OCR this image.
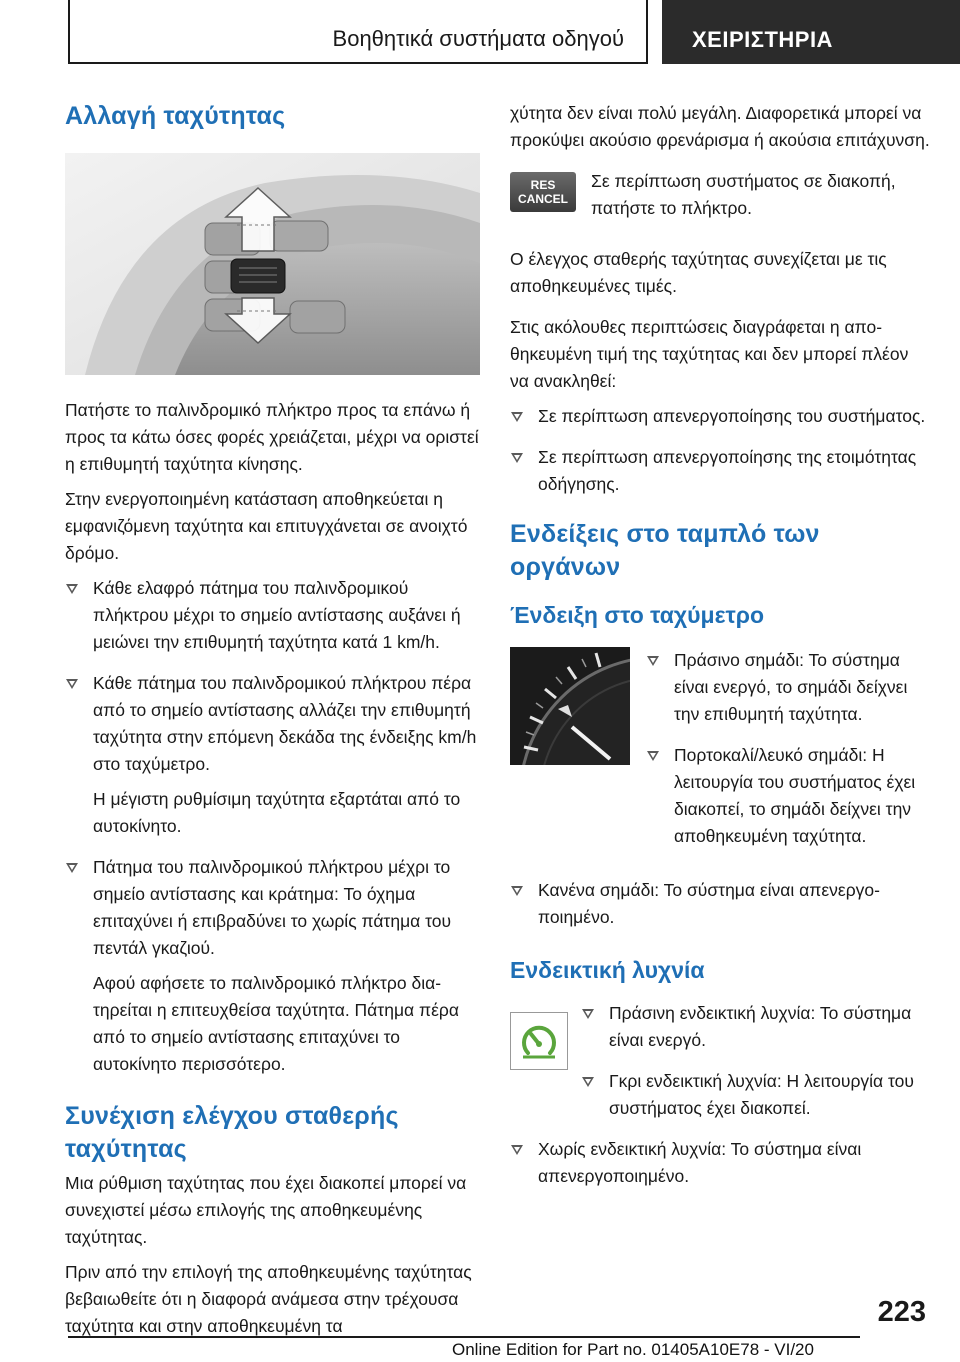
Βοηθητικά συστήματα οδηγού	ΧΕΙΡΙΣΤΗΡΙΑ
Αλλαγή ταχύτητας

Πατήστε το παλινδρομικό πλήκτρο προς τα επάνω ή προς τα κάτω όσες φορές χρειάζεται, μέχρι να οριστεί η επιθυμητή ταχύτητα κίνησης.

Στην ενεργοποιημένη κατάσταση αποθηκεύεται η εμφανιζόμενη ταχύτητα και επιτυγχάνεται σε ανοιχτό δρόμο.

Κάθε ελαφρό πάτημα του παλινδρομικού πλήκτρου μέχρι το σημείο αντίστασης αυξάνει ή μειώνει την επιθυμητή ταχύτητα κατά 1 km/h.
Κάθε πάτημα του παλινδρομικού πλήκτρου πέρα από το σημείο αντίστασης αλλάζει την επιθυμητή ταχύτητα στην επόμενη δεκάδα της ένδειξης km/h στο ταχύμετρο.

Η μέγιστη ρυθμίσιμη ταχύτητα εξαρτάται από το αυτοκίνητο.

Πάτημα του παλινδρομικού πλήκτρου μέχρι το σημείο αντίστασης και κράτημα: Το όχημα επιταχύνει ή επιβραδύνει το χωρίς πάτημα του πεντάλ γκαζιού.

Αφού αφήσετε το παλινδρομικό πλήκτρο διατηρείται η επιτευχθείσα ταχύτητα. Πάτημα πέρα από το σημείο αντίστασης επιταχύνει το αυτοκίνητο περισσότερο.

Συνέχιση ελέγχου σταθερής ταχύτητας

Μια ρύθμιση ταχύτητας που έχει διακοπεί μπορεί να συνεχιστεί μέσω επιλογής της αποθηκευμένης ταχύτητας.

Πριν από την επιλογή της αποθηκευμένης ταχύτητας βεβαιωθείτε ότι η διαφορά ανάμεσα στην τρέχουσα ταχύτητα και στην αποθηκευμένη τα

χύτητα δεν είναι πολύ μεγάλη. Διαφορετικά μπορεί να προκύψει ακούσιο φρενάρισμα ή ακούσια επιτάχυνση.

RES CANCEL

Σε περίπτωση συστήματος σε διακοπή, πατήστε το πλήκτρο.

Ο έλεγχος σταθερής ταχύτητας συνεχίζεται με τις αποθηκευμένες τιμές.

Στις ακόλουθες περιπτώσεις διαγράφεται η αποθηκευμένη τιμή της ταχύτητας και δεν μπορεί πλέον να ανακληθεί:

Σε περίπτωση απενεργοποίησης του συστήματος.
Σε περίπτωση απενεργοποίησης της ετοιμότητας οδήγησης.
Ενδείξεις στο ταμπλό των οργάνων
Ένδειξη στο ταχύμετρο
Πράσινο σημάδι: Το σύστημα είναι ενεργό, το σημάδι δείχνει την επιθυμητή ταχύτητα.
Πορτοκαλί/λευκό σημάδι: Η λειτουργία του συστήματος έχει διακοπεί, το σημάδι δείχνει την αποθηκευμένη ταχύτητα.
Κανένα σημάδι: Το σύστημα είναι απενεργοποιημένο.
Ενδεικτική λυχνία
Πράσινη ενδεικτική λυχνία: Το σύστημα είναι ενεργό.
Γκρι ενδεικτική λυχνία: Η λειτουργία του συστήματος έχει διακοπεί.
Χωρίς ενδεικτική λυχνία: Το σύστημα είναι απενεργοποιημένο.
223
Online Edition for Part no. 01405A10E78 - VI/20
